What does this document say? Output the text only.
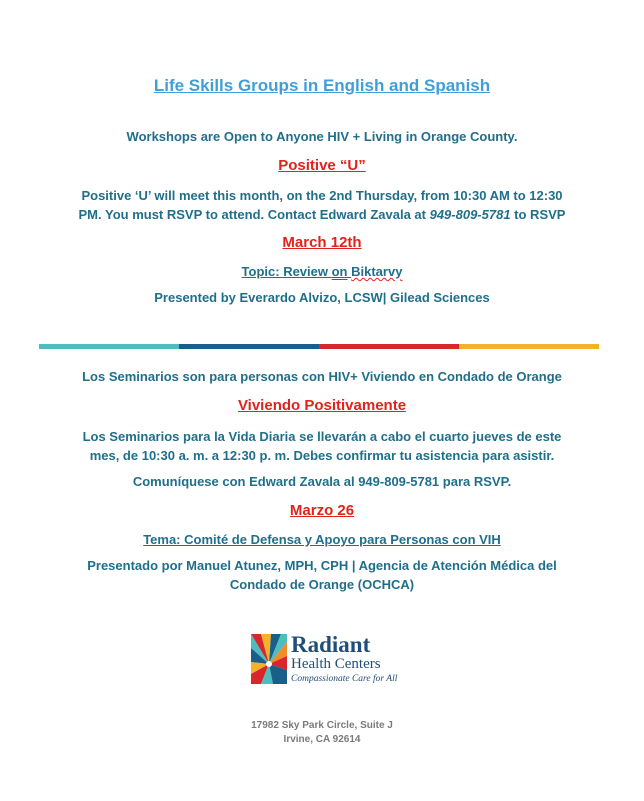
Life Skills Groups in English and Spanish
Workshops are Open to Anyone HIV + Living in Orange County.
Positive “U”
Positive ‘U’ will meet this month, on the 2nd Thursday, from 10:30 AM to 12:30
PM. You must RSVP to attend. Contact Edward Zavala at 949-809-5781 to RSVP
March 12th
Topic: Review on Biktarvy
Presented by Everardo Alvizo, LCSW| Gilead Sciences
Los Seminarios son para personas con HIV+ Viviendo en Condado de Orange
Viviendo Positivamente
Los Seminarios para la Vida Diaria se llevarán a cabo el cuarto jueves de este
mes, de 10:30 a. m. a 12:30 p. m. Debes confirmar tu asistencia para asistir.
Comuníquese con Edward Zavala al 949-809-5781 para RSVP.
Marzo 26
Tema: Comité de Defensa y Apoyo para Personas con VIH
Presentado por Manuel Atunez, MPH, CPH | Agencia de Atención Médica del
Condado de Orange (OCHCA)
Radiant
Health Centers
Compassionate Care for All
17982 Sky Park Circle, Suite J
Irvine, CA 92614
